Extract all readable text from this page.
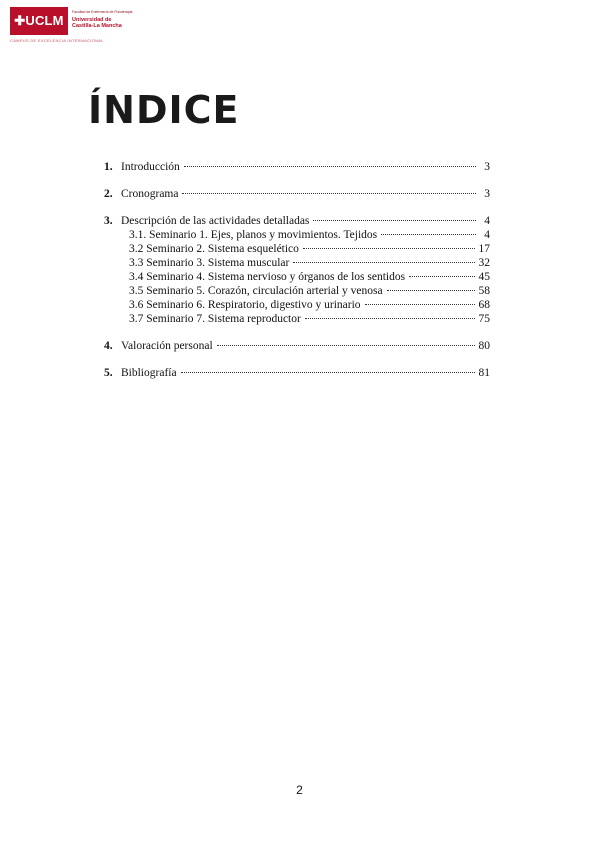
✚UCLM
Facultad de Enfermería de Fisioterapia
Universidad de
Castilla-La Mancha
CAMPUS DE EXCELENCIA INTERNACIONAL
ÍNDICE
1. Introducción	3
2. Cronograma	3
3. Descripción de las actividades detalladas	4
3.1. Seminario 1. Ejes, planos y movimientos. Tejidos	4
3.2 Seminario 2. Sistema esquelético	17
3.3 Seminario 3. Sistema muscular	32
3.4 Seminario 4. Sistema nervioso y órganos de los sentidos	45
3.5 Seminario 5. Corazón, circulación arterial y venosa	58
3.6 Seminario 6. Respiratorio, digestivo y urinario	68
3.7 Seminario 7. Sistema reproductor	75
4. Valoración personal	80
5. Bibliografía	81
2
